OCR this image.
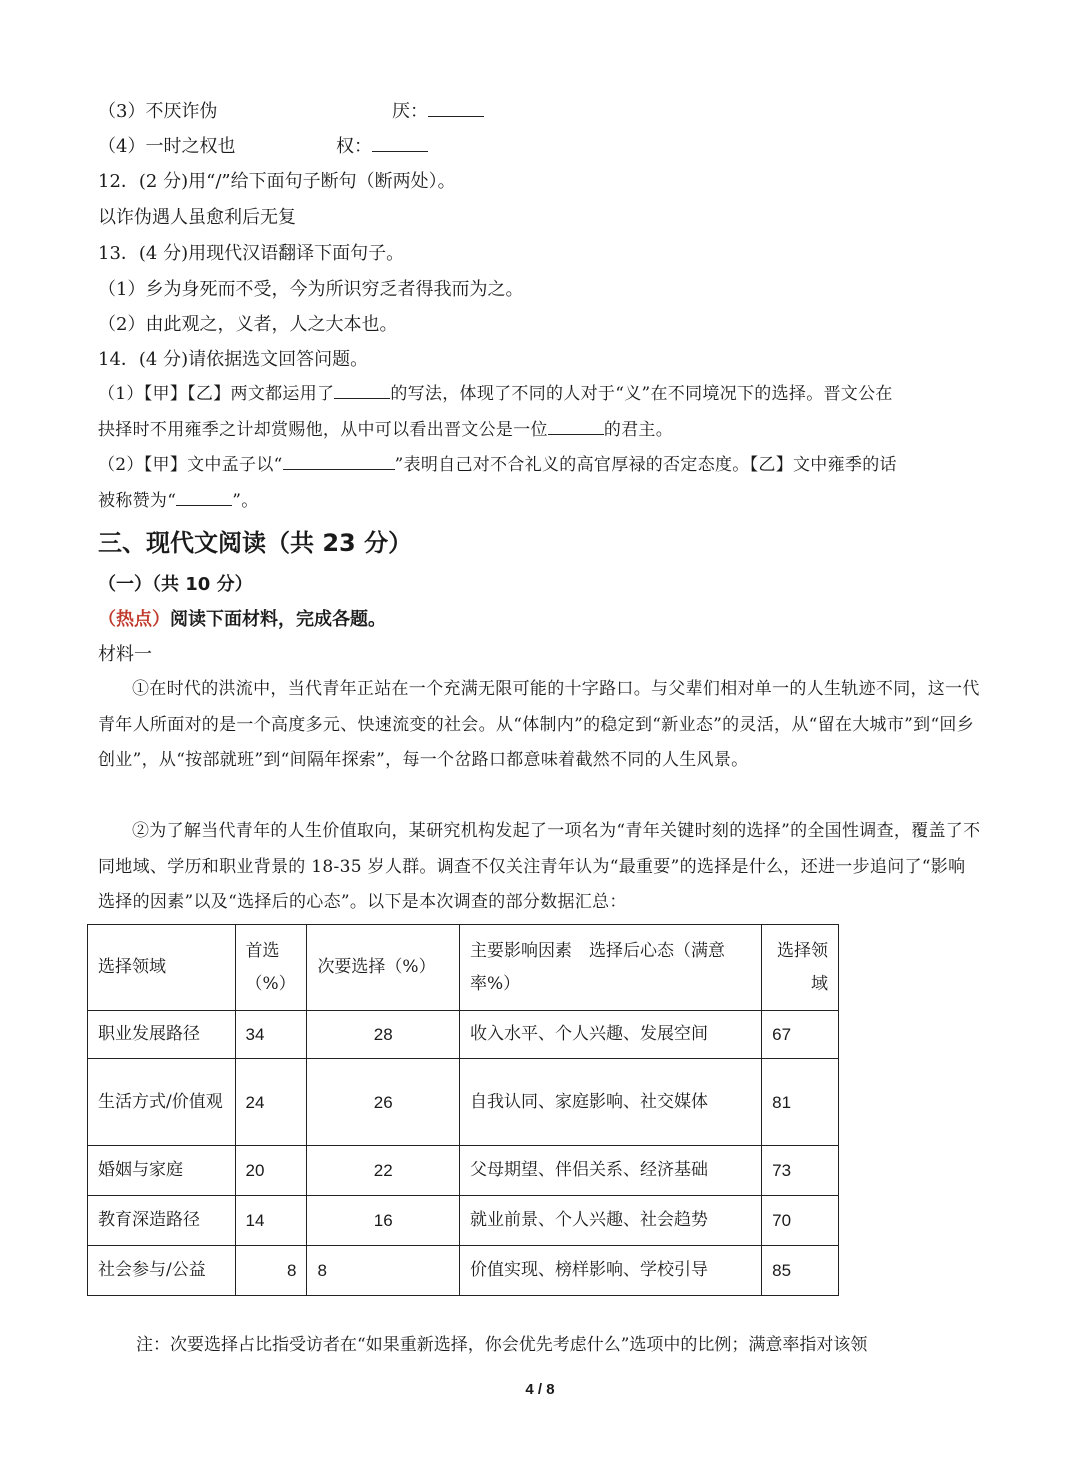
（3）不厌诈伪	厌：
（4）一时之权也	权：
12．(2 分)用“/”给下面句子断句（断两处）。
以诈伪遇人虽愈利后无复
13．(4 分)用现代汉语翻译下面句子。
（1）乡为身死而不受，今为所识穷乏者得我而为之。
（2）由此观之，义者，人之大本也。
14．(4 分)请依据选文回答问题。
（1）【甲】【乙】两文都运用了	的写法，体现了不同的人对于“义”在不同境况下的选择。晋文公在
抉择时不用雍季之计却赏赐他，从中可以看出晋文公是一位	的君主。
（2）【甲】文中孟子以“	”表明自己对不合礼义的高官厚禄的否定态度。【乙】文中雍季的话
被称赞为“	”。
三、现代文阅读（共 23 分）
（一）（共 10 分）
（热点）阅读下面材料，完成各题。
材料一
①在时代的洪流中，当代青年正站在一个充满无限可能的十字路口。与父辈们相对单一的人生轨迹不同，这一代青年人所面对的是一个高度多元、快速流变的社会。从“体制内”的稳定到“新业态”的灵活，从“留在大城市”到“回乡创业”，从“按部就班”到“间隔年探索”，每一个岔路口都意味着截然不同的人生风景。
②为了解当代青年的人生价值取向，某研究机构发起了一项名为“青年关键时刻的选择”的全国性调查，覆盖了不同地域、学历和职业背景的 18-35 岁人群。调查不仅关注青年认为“最重要”的选择是什么，还进一步追问了“影响选择的因素”以及“选择后的心态”。以下是本次调查的部分数据汇总：
选择领域	首选（%）	次要选择（%）	主要影响因素　选择后心态（满意率%）	选择领域
职业发展路径	34	28	收入水平、个人兴趣、发展空间	67
生活方式/价值观	24	26	自我认同、家庭影响、社交媒体	81
婚姻与家庭	20	22	父母期望、伴侣关系、经济基础	73
教育深造路径	14	16	就业前景、个人兴趣、社会趋势	70
社会参与/公益	8	8	价值实现、榜样影响、学校引导	85
注：次要选择占比指受访者在“如果重新选择，你会优先考虑什么”选项中的比例；满意率指对该领
4 / 8
